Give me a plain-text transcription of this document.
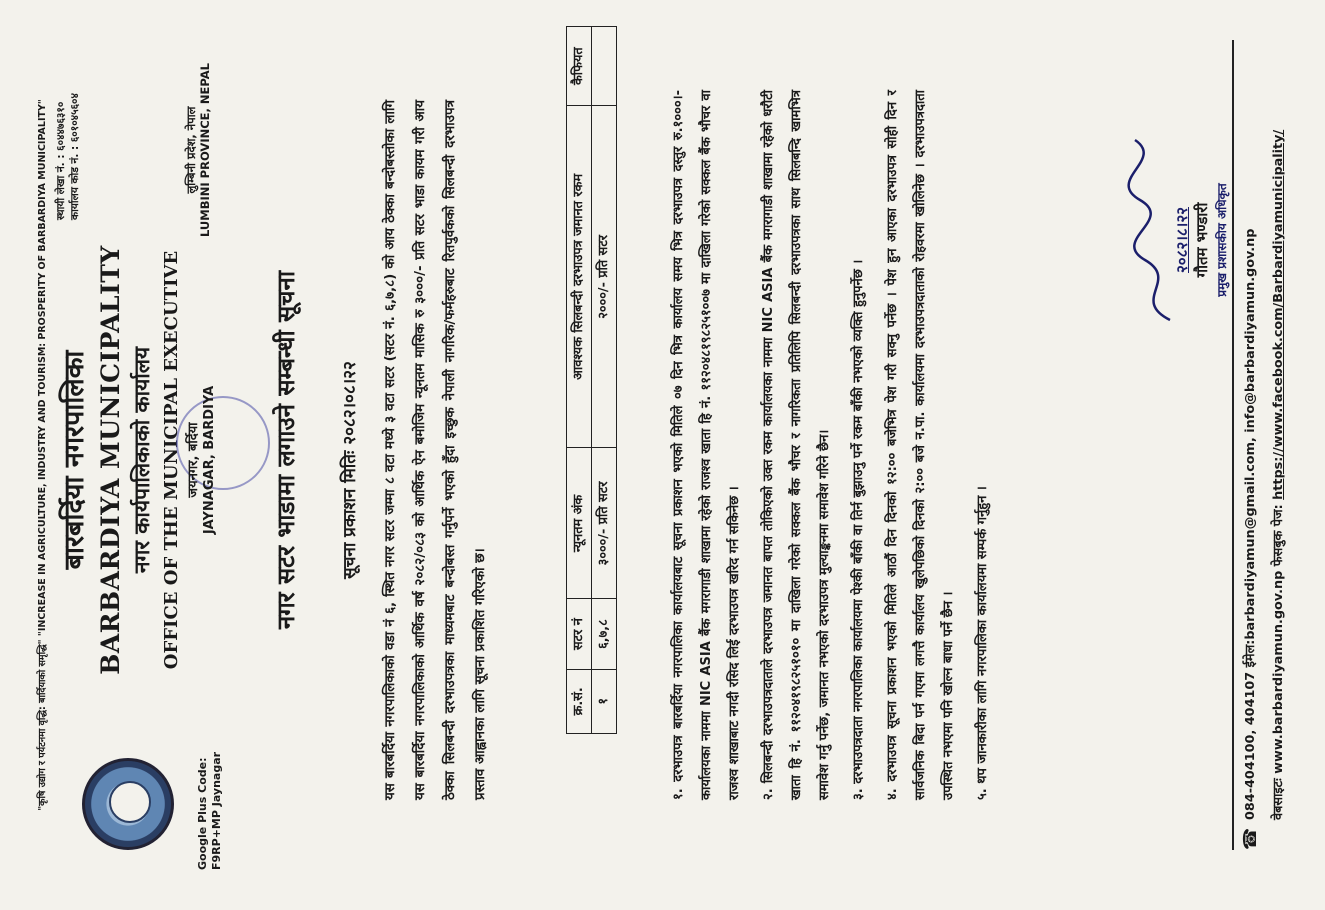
"कृषि उद्योग र पर्यटनमा वृद्धि: बार्दियाको समृद्धि" "INCREASE IN AGRICULTURE, INDUSTRY AND TOURISM: PROSPERITY OF BARBARDIYA MUNICIPALITY"
Google Plus Code: F9RP+MP Jaynagar
स्थायी लेखा नं. : ६०४४७६३१० कार्यालय कोड नं. : ६०१०४५६०४
बारबर्दिया नगरपालिका BARBARDIYA MUNICIPALITY नगर कार्यपालिकाको कार्यालय OFFICE OF THE MUNICIPAL EXECUTIVE जयनगर, बर्दिया JAYNAGAR, BARDIYA
लुम्बिनी प्रदेश, नेपाल LUMBINI PROVINCE, NEPAL
नगर सटर भाडामा लगाउने सम्बन्धी सूचना सूचना प्रकाशन मितिः २०८२।०८।२२	यस बारबर्दिया नगरपालिकाको वडा नं ६, स्थित नगर सटर जम्मा ८ वटा मध्ये ३ वटा सटर (सटर नं. ६,७,८) को आय ठेक्का बन्दोबस्तोका लागि यस बारबर्दिया नगरपालिकाको आर्थिक वर्ष २०८२/०८३ को आर्थिक ऐन बमोजिम न्यूनतम मासिक रु ३०००/- प्रति सटर भाडा कायम गरी आय ठेक्का सिलबन्दी दरभाउपत्रका माध्यमबाट बन्दोबस्त गर्नुपर्ने भएको हुँदा इच्छुक नेपाली नागरिक/फर्महरुबाट रितपुर्वकको सिलबन्दी दरभाउपत्र प्रस्ताव आह्वानका लागि सूचना प्रकाशित गरिएको छ।	क्र.सं.	सटर नं	न्यूनतम अंक	आवश्यक सिलबन्दी दरभाउपत्र जमानत रकम	कैफियत
१	६,७,८	३०००/- प्रति सटर	२०००/- प्रति सटर		१. दरभाउपत्र बारबर्दिया नगरपालिका कार्यालयबाट सूचना प्रकाशन भएको मितिले ०७ दिन भित्र कार्यालय समय भित्र दरभाउपत्र दस्तुर रु.१०००।- कार्यालयका नाममा NIC ASIA बैंक मगरागाडी शाखामा रहेको राजश्व खाता हि नं. ११२०४८१९८२५१००७ मा दाखिला गरेको सक्कल बैंक भौचर वा राजश्व शाखाबाट नगदी रसिद लिई दरभाउपत्र खरिद गर्न सकिनेछ ।	२. सिलबन्दी दरभाउपत्रदाताले दरभाउपत्र जमानत बापत तोकिएको उक्त रकम कार्यालयका नाममा NIC ASIA बैंक मगरागाडी शाखामा रहेको धरौटी खाता हि नं. ११२०४१९८२५१०१० मा दाखिला गरेको सक्कल बैंक भौचर र नागरिकता प्रतिलिपि सिलबन्दी दरभाउपत्रका साथ सिलबन्दि खामभित्र समावेश गर्नु पर्नेछ, जमानत नभएको दरभाउपत्र मुल्याङ्कनमा समावेश गरिने छैन।	३. दरभाउपत्रदाता नगरपालिका कार्यालयमा पेश्की बाँकी वा तिर्न बुझाउनु पर्ने रकम बाँकी नभएको व्यक्ति हुनुपर्नेछ ।	४. दरभाउपत्र सूचना प्रकाशन भएको मितिले आठौं दिन दिनको १२:०० बजेभित्र पेश गरी सक्नु पर्नेछ । पेश हुन आएका दरभाउपत्र सोही दिन र सार्वजनिक बिदा पर्न गएमा लगत्तै कार्यालय खुलेपछिको दिनको २:०० बजे न.पा. कार्यालयमा दरभाउपत्रदाताको रोहवरमा खोलिनेछ । दरभाउपत्रदाता उपस्थित नभएमा पनि खोल्न बाधा पर्ने छैन ।	५. थप जानकारीका लागि नगरपालिका कार्यालयमा सम्पर्क गर्नुहुन ।

२०८२।८।२२ गौतम भण्डारी प्रमुख प्रशासकीय अधिकृत
☎
084-404100, 404107 ईमेल:barbardiyamun@gmail.com, info@barbardiyamun.gov.np वेबसाइटः www.barbardiyamun.gov.np फेसबुक पेज: https://www.facebook.com/Barbardiyamunicipality/
